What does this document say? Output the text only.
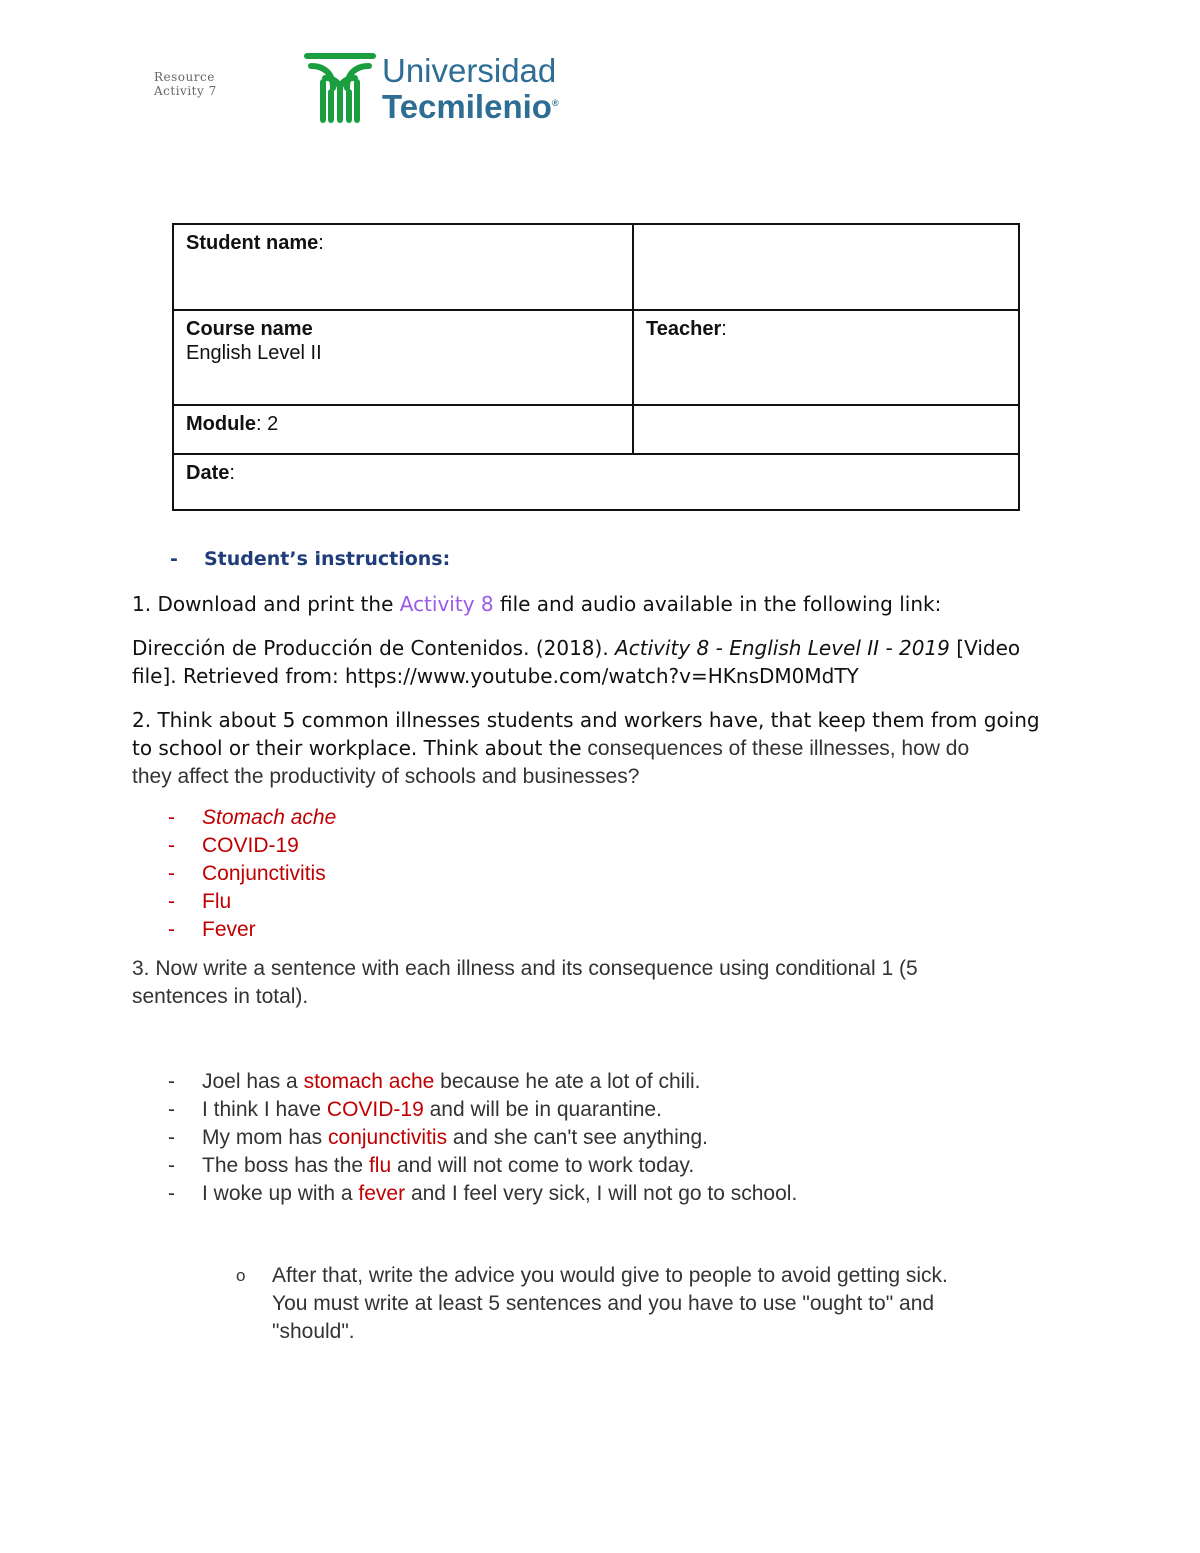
Resource
Activity 7
Universidad
Tecmilenio®
Student name:	
Course name
English Level II	Teacher:
Module: 2	
Date:	
- Student’s instructions:
1. Download and print the Activity 8 file and audio available in the following link:
Dirección de Producción de Contenidos. (2018). Activity 8 - English Level II - 2019 [Video
file]. Retrieved from: https://www.youtube.com/watch?v=HKnsDM0MdTY
2. Think about 5 common illnesses students and workers have, that keep them from going
to school or their workplace. Think about the consequences of these illnesses, how do
they affect the productivity of schools and businesses?
- Stomach ache
- COVID-19
- Conjunctivitis
- Flu
- Fever
3. Now write a sentence with each illness and its consequence using conditional 1 (5
sentences in total).
- Joel has a stomach ache because he ate a lot of chili.
- I think I have COVID-19 and will be in quarantine.
- My mom has conjunctivitis and she can't see anything.
- The boss has the flu and will not come to work today.
- I woke up with a fever and I feel very sick, I will not go to school.
o After that, write the advice you would give to people to avoid getting sick.
You must write at least 5 sentences and you have to use "ought to" and
"should".
